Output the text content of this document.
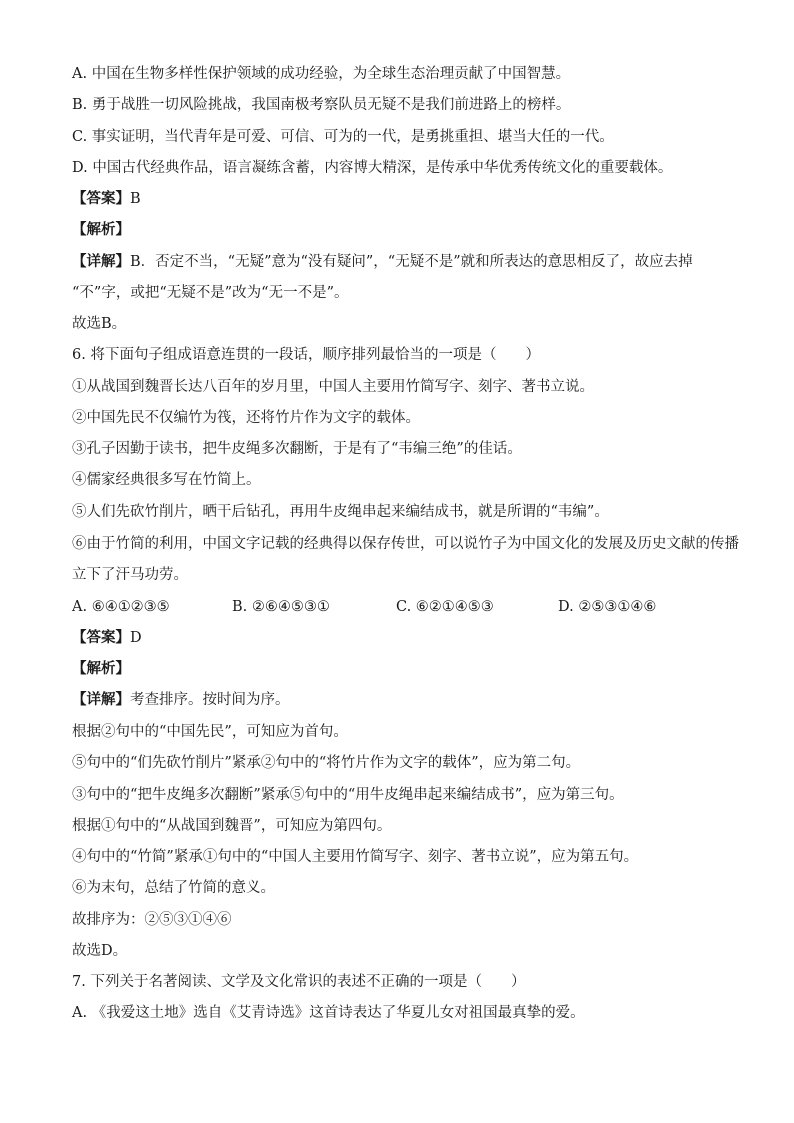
A. 中国在生物多样性保护领域的成功经验，为全球生态治理贡献了中国智慧。
B. 勇于战胜一切风险挑战，我国南极考察队员无疑不是我们前进路上的榜样。
C. 事实证明，当代青年是可爱、可信、可为的一代，是勇挑重担、堪当大任的一代。
D. 中国古代经典作品，语言凝练含蓄，内容博大精深，是传承中华优秀传统文化的重要载体。
【答案】B
【解析】
【详解】B．否定不当，“无疑”意为“没有疑问”，“无疑不是”就和所表达的意思相反了，故应去掉
“不”字，或把“无疑不是”改为“无一不是”。
故选B。
6. 将下面句子组成语意连贯的一段话，顺序排列最恰当的一项是（　　）
①从战国到魏晋长达八百年的岁月里，中国人主要用竹简写字、刻字、著书立说。
②中国先民不仅编竹为筏，还将竹片作为文字的载体。
③孔子因勤于读书，把牛皮绳多次翻断，于是有了“韦编三绝”的佳话。
④儒家经典很多写在竹简上。
⑤人们先砍竹削片，晒干后钻孔，再用牛皮绳串起来编结成书，就是所谓的“韦编”。
⑥由于竹简的利用，中国文字记载的经典得以保存传世，可以说竹子为中国文化的发展及历史文献的传播
立下了汗马功劳。
A. ⑥④①②③⑤	B. ②⑥④⑤③①	C. ⑥②①④⑤③	D. ②⑤③①④⑥
【答案】D
【解析】
【详解】考查排序。按时间为序。
根据②句中的“中国先民”，可知应为首句。
⑤句中的“们先砍竹削片”紧承②句中的“将竹片作为文字的载体”，应为第二句。
③句中的“把牛皮绳多次翻断”紧承⑤句中的“用牛皮绳串起来编结成书”，应为第三句。
根据①句中的“从战国到魏晋”，可知应为第四句。
④句中的“竹简”紧承①句中的“中国人主要用竹简写字、刻字、著书立说”，应为第五句。
⑥为末句，总结了竹简的意义。
故排序为：②⑤③①④⑥
故选D。
7. 下列关于名著阅读、文学及文化常识的表述不正确的一项是（　　）
A. 《我爱这土地》选自《艾青诗选》这首诗表达了华夏儿女对祖国最真挚的爱。
